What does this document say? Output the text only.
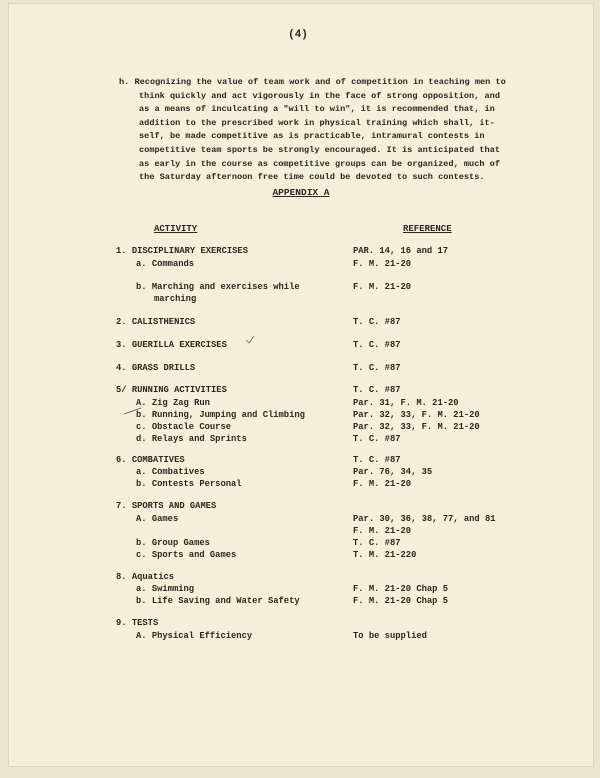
(4)
h. Recognizing the value of team work and of competition in teaching men to
think quickly and act vigorously in the face of strong opposition, and
as a means of inculcating a "will to win", it is recommended that, in
addition to the prescribed work in physical training which shall, it-
self, be made competitive as is practicable, intramural contests in
competitive team sports be strongly encouraged. It is anticipated that
as early in the course as competitive groups can be organized, much of
the Saturday afternoon free time could be devoted to such contests.
APPENDIX A
ACTIVITY	REFERENCE
1. DISCIPLINARY EXERCISES	PAR. 14, 16 and 17
a. Commands	F. M. 21-20
b. Marching and exercises while	F. M. 21-20
marching
2. CALISTHENICS	T. C. #87
3. GUERILLA EXERCISES	T. C. #87
4. GRASS DRILLS	T. C. #87
5/ RUNNING ACTIVITIES	T. C. #87
A. Zig Zag Run	Par. 31, F. M. 21-20
b. Running, Jumping and Climbing	Par. 32, 33, F. M. 21-20
c. Obstacle Course	Par. 32, 33, F. M. 21-20
d. Relays and Sprints	T. C. #87
6. COMBATIVES	T. C. #87
a. Combatives	Par. 76, 34, 35
b. Contests Personal	F. M. 21-20
7. SPORTS AND GAMES
A. Games	Par. 30, 36, 38, 77, and 81
F. M. 21-20
b. Group Games	T. C. #87
c. Sports and Games	T. M. 21-220
8. Aquatics
a. Swimming	F. M. 21-20 Chap 5
b. Life Saving and Water Safety	F. M. 21-20 Chap 5
9. TESTS
A. Physical Efficiency	To be supplied
